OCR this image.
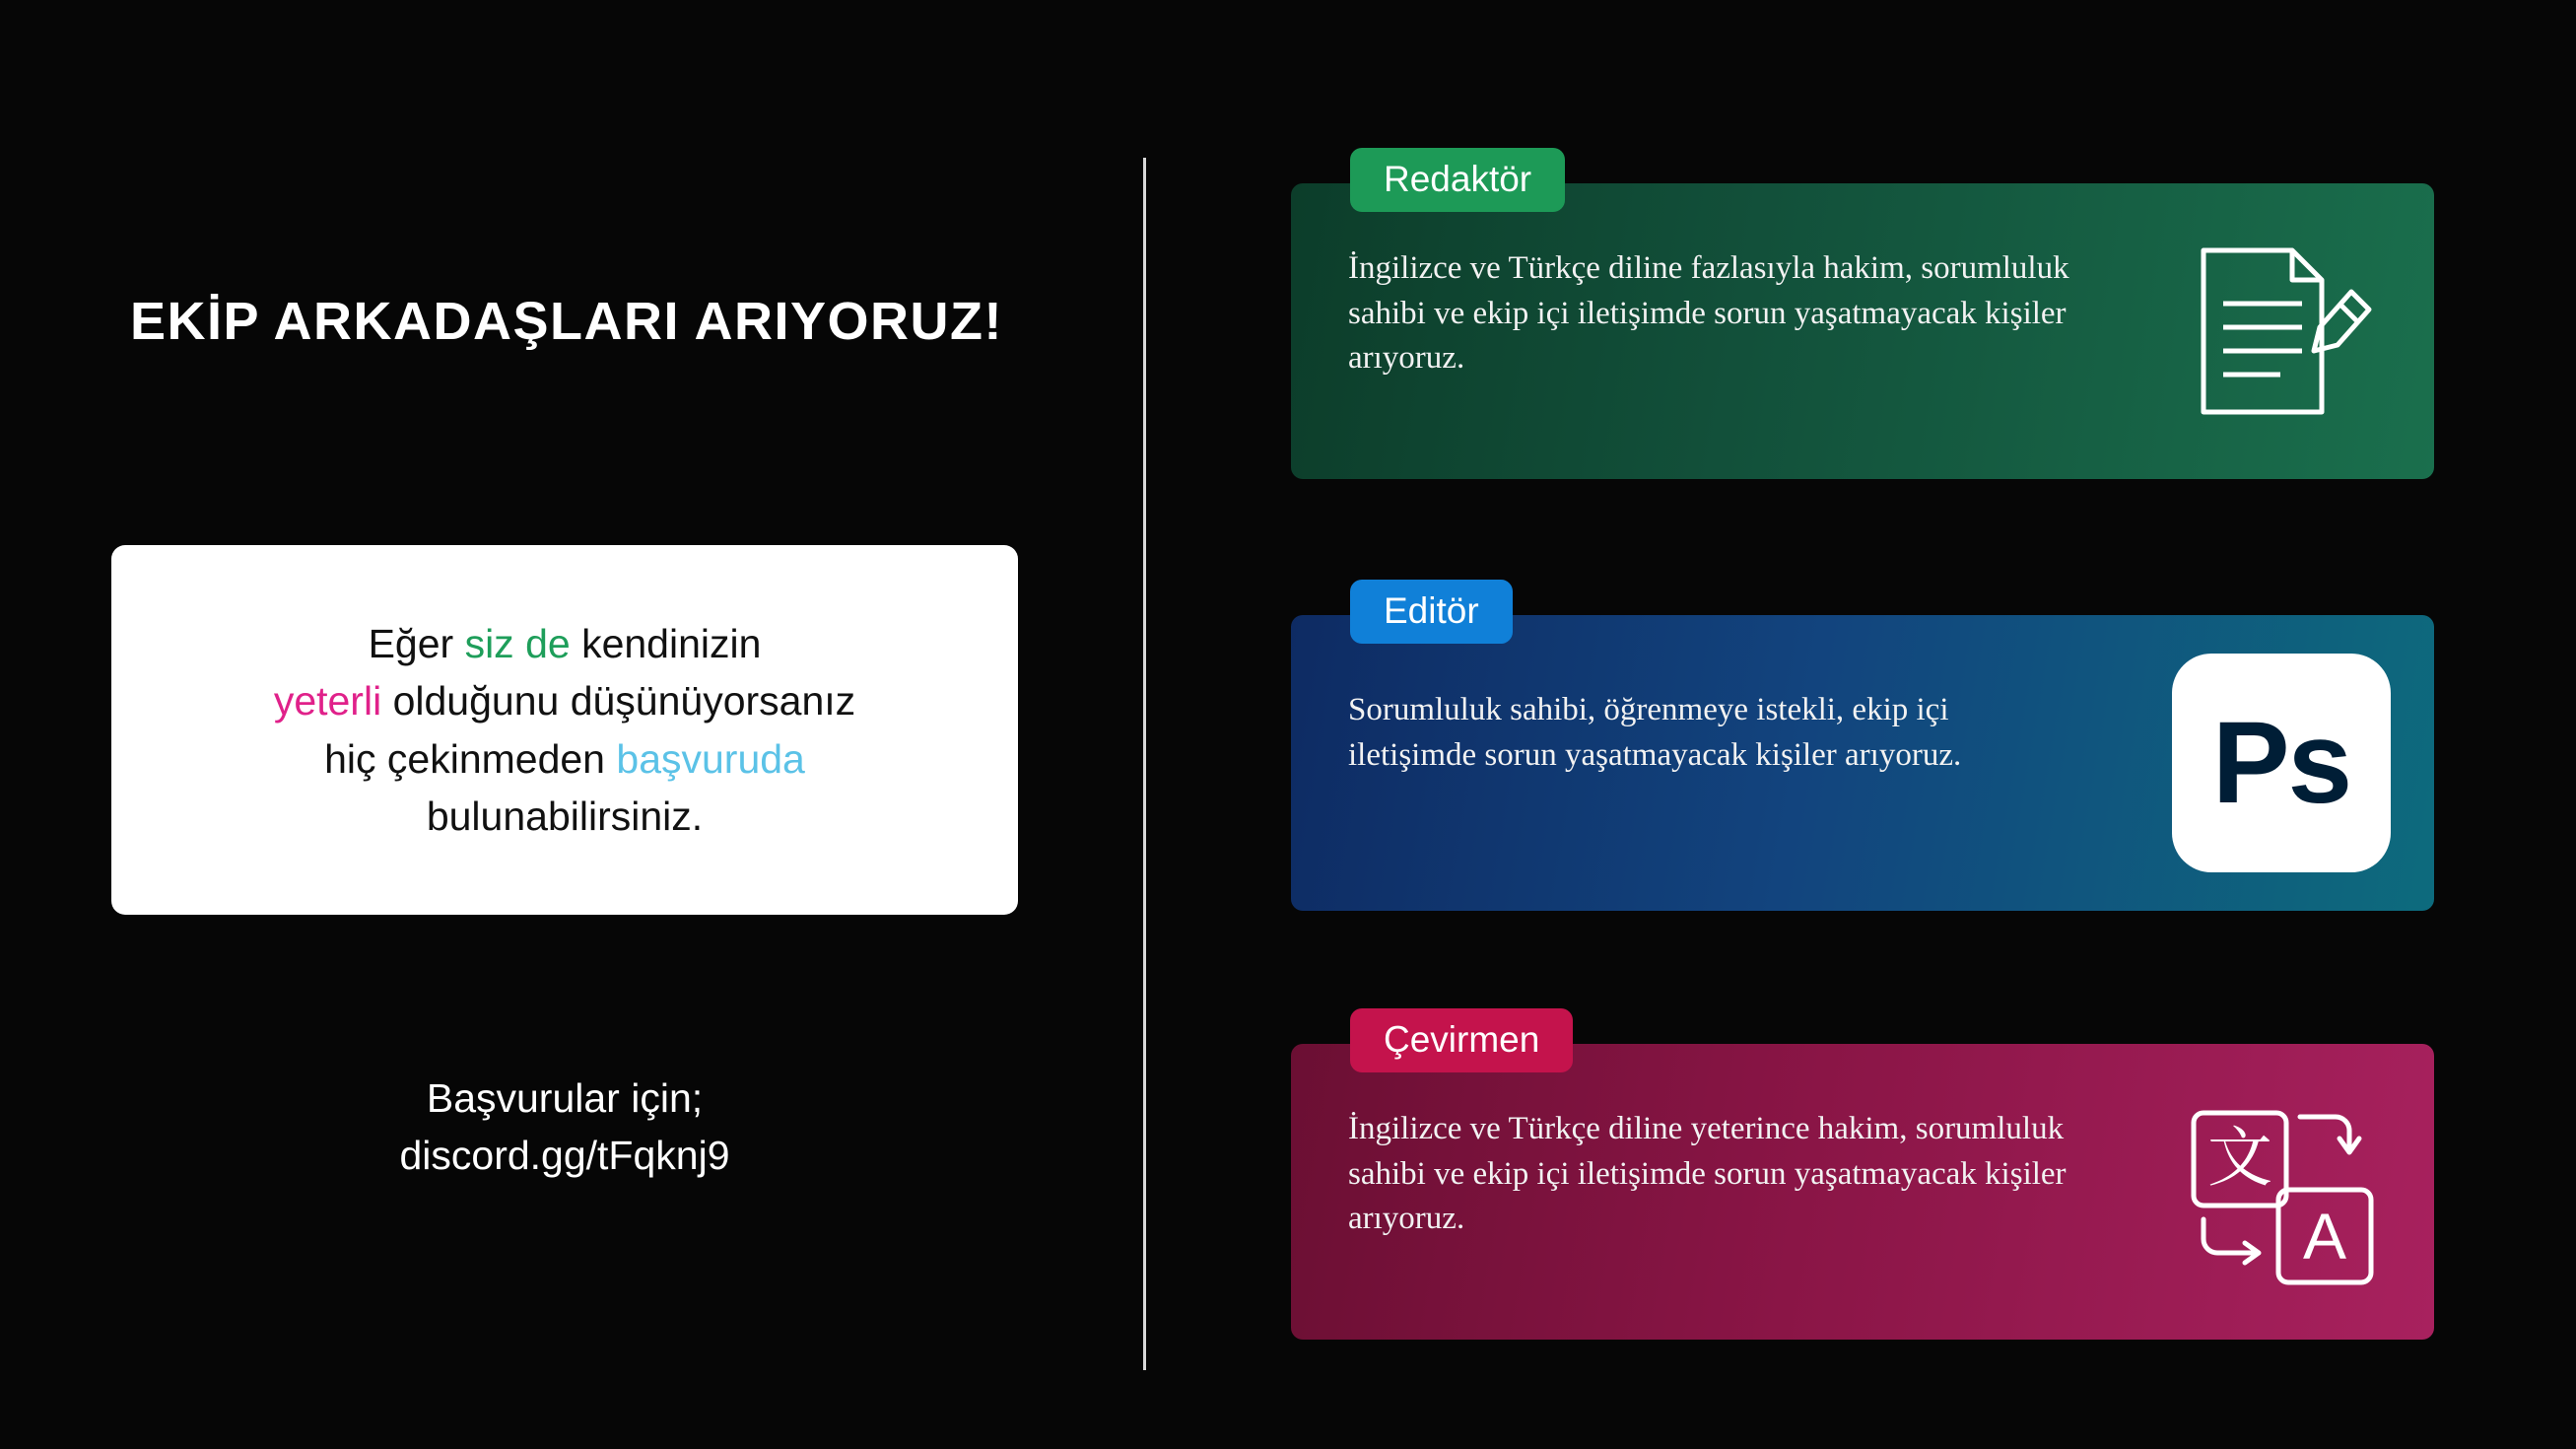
EKİP ARKADAŞLARI ARIYORUZ!
Eğer siz de kendinizin
yeterli olduğunu düşünüyorsanız
hiç çekinmeden başvuruda
bulunabilirsiniz.
Başvurular için;
discord.gg/tFqknj9
İngilizce ve Türkçe diline fazlasıyla hakim, sorumluluk sahibi ve ekip içi iletişimde sorun yaşatmayacak kişiler arıyoruz.
Redaktör
Sorumluluk sahibi, öğrenmeye istekli, ekip içi iletişimde sorun yaşatmayacak kişiler arıyoruz.	Ps
Editör
İngilizce ve Türkçe diline yeterince hakim, sorumluluk sahibi ve ekip içi iletişimde sorun yaşatmayacak kişiler arıyoruz.
文
A
Çevirmen
